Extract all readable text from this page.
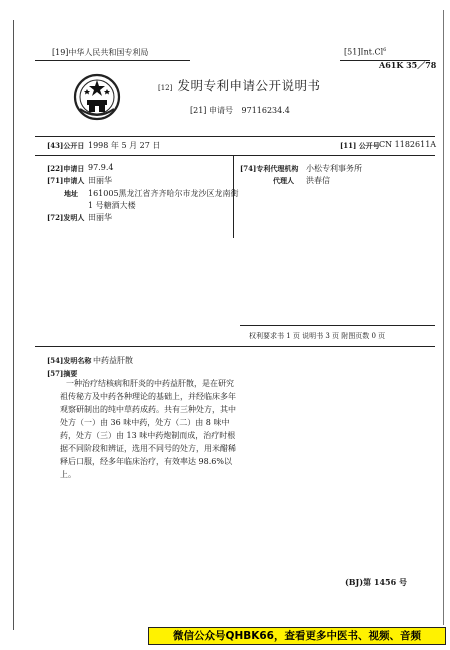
[19]中华人民共和国专利局	[51]Int.Cl$^6$
A61K 35／78
[12] 发明专利申请公开说明书
[21] 申请号 97116234.4
[43]公开日 1998 年 5 月 27 日	[11] 公开号 CN 1182611A
[22]申请日 97.9.4
[71]申请人 田丽华
地址 161005黑龙江省齐齐哈尔市龙沙区龙南街
1 号糖酒大楼
[72]发明人 田丽华
[74]专利代理机构 小松专利事务所
代理人 洪春信
权利要求书 1 页 说明书 3 页 附图页数 0 页
[54]发明名称 中药益肝散
[57]摘要
一种治疗结核病和肝炎的中药益肝散，是在研究祖传秘方及中药各种理论的基础上，并经临床多年观察研制出的纯中草药成药。共有三种处方，其中处方（一）由 36 味中药，处方（二）由 8 味中药，处方（三）由 13 味中药炮制而成，治疗时根据不同阶段和辨证，选用不同号的处方，用米醋稀释后口服，经多年临床治疗，有效率达 98.6%以上。
(BJ)第 1456 号
微信公众号QHBK66，查看更多中医书、视频、音频
